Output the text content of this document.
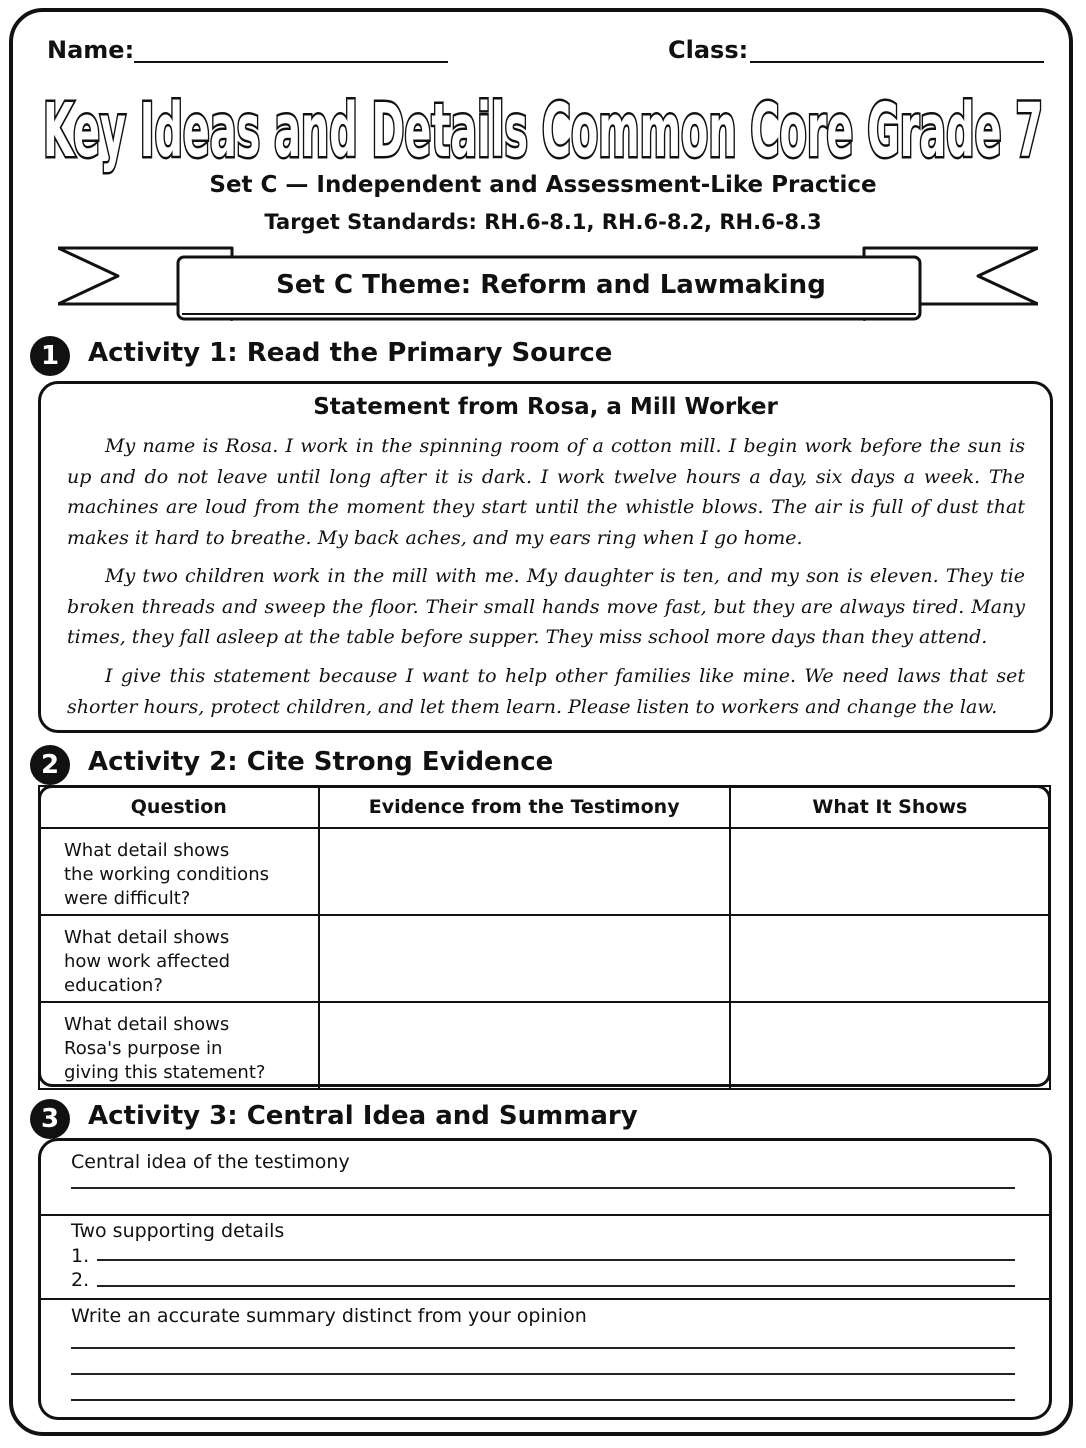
Name:	Class:
Key Ideas and Details Common Core Grade 7
Set C — Independent and Assessment-Like Practice
Target Standards: RH.6-8.1, RH.6-8.2, RH.6-8.3
Set C Theme: Reform and Lawmaking
1	Activity 1: Read the Primary Source
Statement from Rosa, a Mill Worker

My name is Rosa. I work in the spinning room of a cotton mill. I begin work before the sun is up and do not leave until long after it is dark. I work twelve hours a day, six days a week. The machines are loud from the moment they start until the whistle blows. The air is full of dust that makes it hard to breathe. My back aches, and my ears ring when I go home.

My two children work in the mill with me. My daughter is ten, and my son is eleven. They tie broken threads and sweep the floor. Their small hands move fast, but they are always tired. Many times, they fall asleep at the table before supper. They miss school more days than they attend.

I give this statement because I want to help other families like mine. We need laws that set shorter hours, protect children, and let them learn. Please listen to workers and change the law.

2	Activity 2: Cite Strong Evidence
Question	Evidence from the Testimony	What It Shows

What detail shows
the working conditions
were difficult?		

What detail shows
how work affected
education?		

What detail shows
Rosa's purpose in
giving this statement?		

3	Activity 3: Central Idea and Summary
Central idea of the testimony
Two supporting details
1.
2.
Write an accurate summary distinct from your opinion
